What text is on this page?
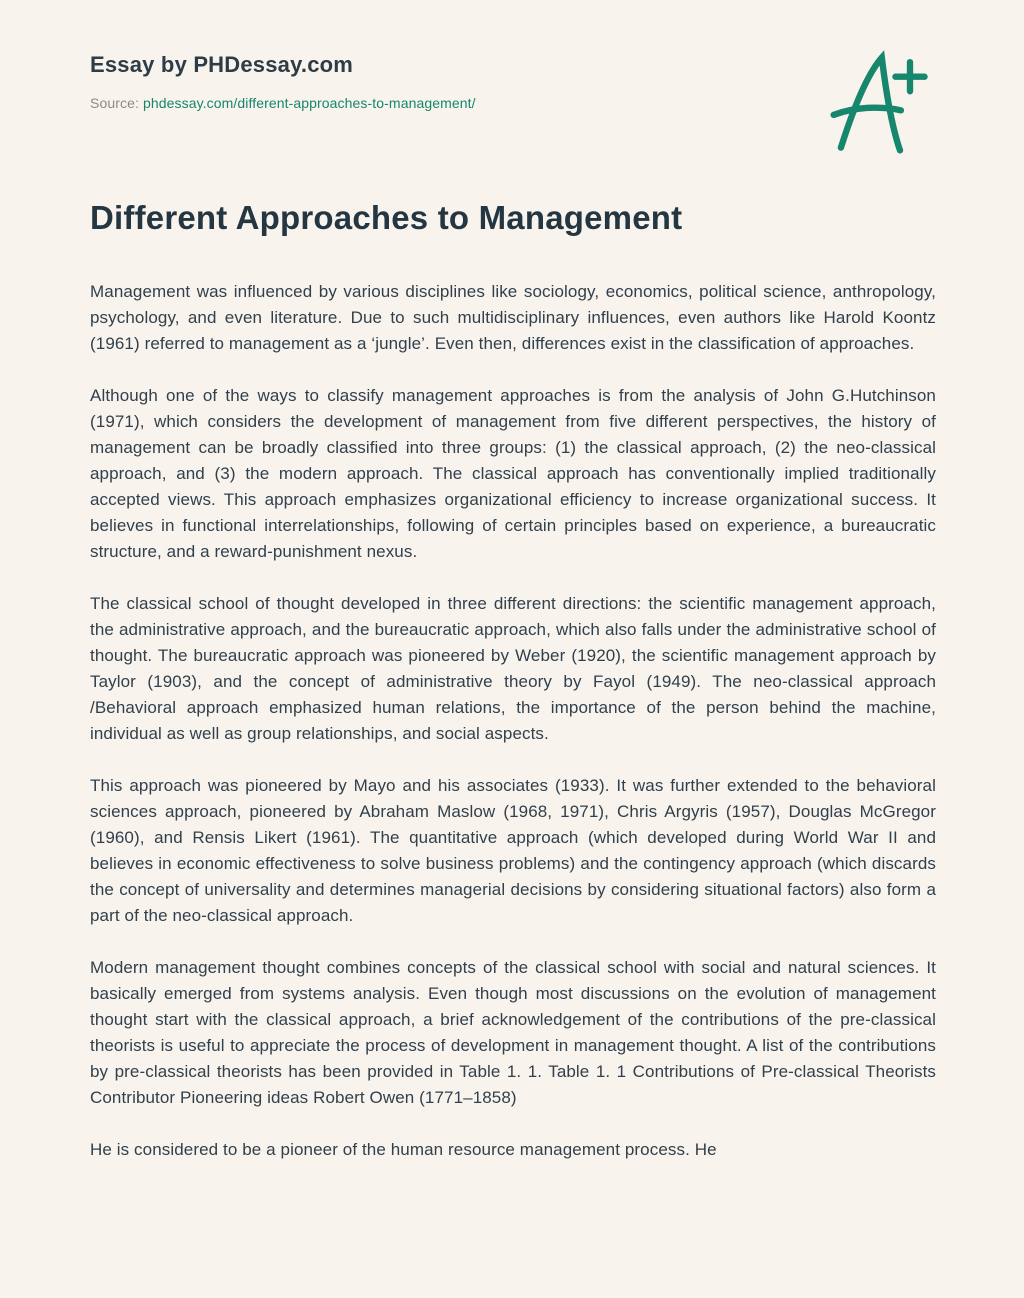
Essay by PHDessay.com
Source: phdessay.com/different-approaches-to-management/
Different Approaches to Management

Management was influenced by various disciplines like sociology, economics, political science, anthropology, psychology, and even literature. Due to such multidisciplinary influences, even authors like Harold Koontz (1961) referred to management as a ‘jungle’. Even then, differences exist in the classification of approaches.

Although one of the ways to classify management approaches is from the analysis of John G.Hutchinson (1971), which considers the development of management from five different perspectives, the history of management can be broadly classified into three groups: (1) the classical approach, (2) the neo-classical approach, and (3) the modern approach. The classical approach has conventionally implied traditionally accepted views. This approach emphasizes organizational efficiency to increase organizational success. It believes in functional interrelationships, following of certain principles based on experience, a bureaucratic structure, and a reward-punishment nexus.

The classical school of thought developed in three different directions: the scientific management approach, the administrative approach, and the bureaucratic approach, which also falls under the administrative school of thought. The bureaucratic approach was pioneered by Weber (1920), the scientific management approach by Taylor (1903), and the concept of administrative theory by Fayol (1949). The neo-classical approach /Behavioral approach emphasized human relations, the importance of the person behind the machine, individual as well as group relationships, and social aspects.

This approach was pioneered by Mayo and his associates (1933). It was further extended to the behavioral sciences approach, pioneered by Abraham Maslow (1968, 1971), Chris Argyris (1957), Douglas McGregor (1960), and Rensis Likert (1961). The quantitative approach (which developed during World War II and believes in economic effectiveness to solve business problems) and the contingency approach (which discards the concept of universality and determines managerial decisions by considering situational factors) also form a part of the neo-classical approach.

Modern management thought combines concepts of the classical school with social and natural sciences. It basically emerged from systems analysis. Even though most discussions on the evolution of management thought start with the classical approach, a brief acknowledgement of the contributions of the pre-classical theorists is useful to appreciate the process of development in management thought. A list of the contributions by pre-classical theorists has been provided in Table 1. 1. Table 1. 1 Contributions of Pre-classical Theorists Contributor Pioneering ideas Robert Owen (1771–1858)

He is considered to be a pioneer of the human resource management process. He
